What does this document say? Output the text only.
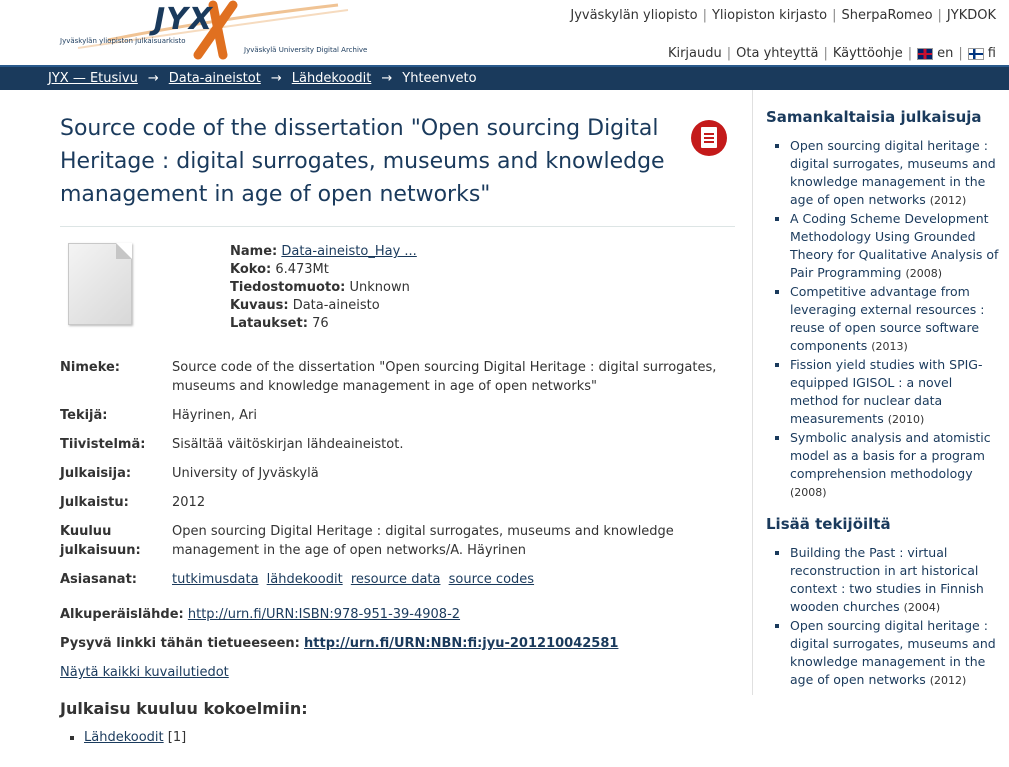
JYX
Jyväskylän yliopiston julkaisuarkisto
Jyväskylä University Digital Archive
Jyväskylän yliopisto | Yliopiston kirjasto | SherpaRomeo | JYKDOK
Kirjaudu | Ota yhteyttä | Käyttöohje |	en |	fi
JYX — Etusivu → Data-aineistot → Lähdekoodit → Yhteenveto
Source code of the dissertation "Open sourcing Digital Heritage : digital surrogates, museums and knowledge management in age of open networks"
Name: Data-aineisto_Hay ...
Koko: 6.473Mt
Tiedostomuoto: Unknown
Kuvaus: Data-aineisto
Lataukset: 76
Nimeke:	Source code of the dissertation "Open sourcing Digital Heritage : digital surrogates, museums and knowledge management in age of open networks"
Tekijä:	Häyrinen, Ari
Tiivistelmä:	Sisältää väitöskirjan lähdeaineistot.
Julkaisija:	University of Jyväskylä
Julkaistu:	2012
Kuuluu julkaisuun:
Open sourcing Digital Heritage : digital surrogates, museums and knowledge management in the age of open networks/A. Häyrinen
Asiasanat:	tutkimusdata lähdekoodit resource data source codes
Alkuperäislähde: http://urn.fi/URN:ISBN:978-951-39-4908-2
Pysyvä linkki tähän tietueeseen: http://urn.fi/URN:NBN:fi:jyu-201210042581
Näytä kaikki kuvailutiedot
Julkaisu kuuluu kokoelmiin:
▪ Lähdekoodit [1]
Samankaltaisia julkaisuja
▪ Open sourcing digital heritage : digital surrogates, museums and knowledge management in the age of open networks (2012)
▪ A Coding Scheme Development Methodology Using Grounded Theory for Qualitative Analysis of Pair Programming (2008)
▪ Competitive advantage from leveraging external resources : reuse of open source software components (2013)
▪ Fission yield studies with SPIG-equipped IGISOL : a novel method for nuclear data measurements (2010)
▪ Symbolic analysis and atomistic model as a basis for a program comprehension methodology (2008)
Lisää tekijöiltä
▪ Building the Past : virtual reconstruction in art historical context : two studies in Finnish wooden churches (2004)
▪ Open sourcing digital heritage : digital surrogates, museums and knowledge management in the age of open networks (2012)
